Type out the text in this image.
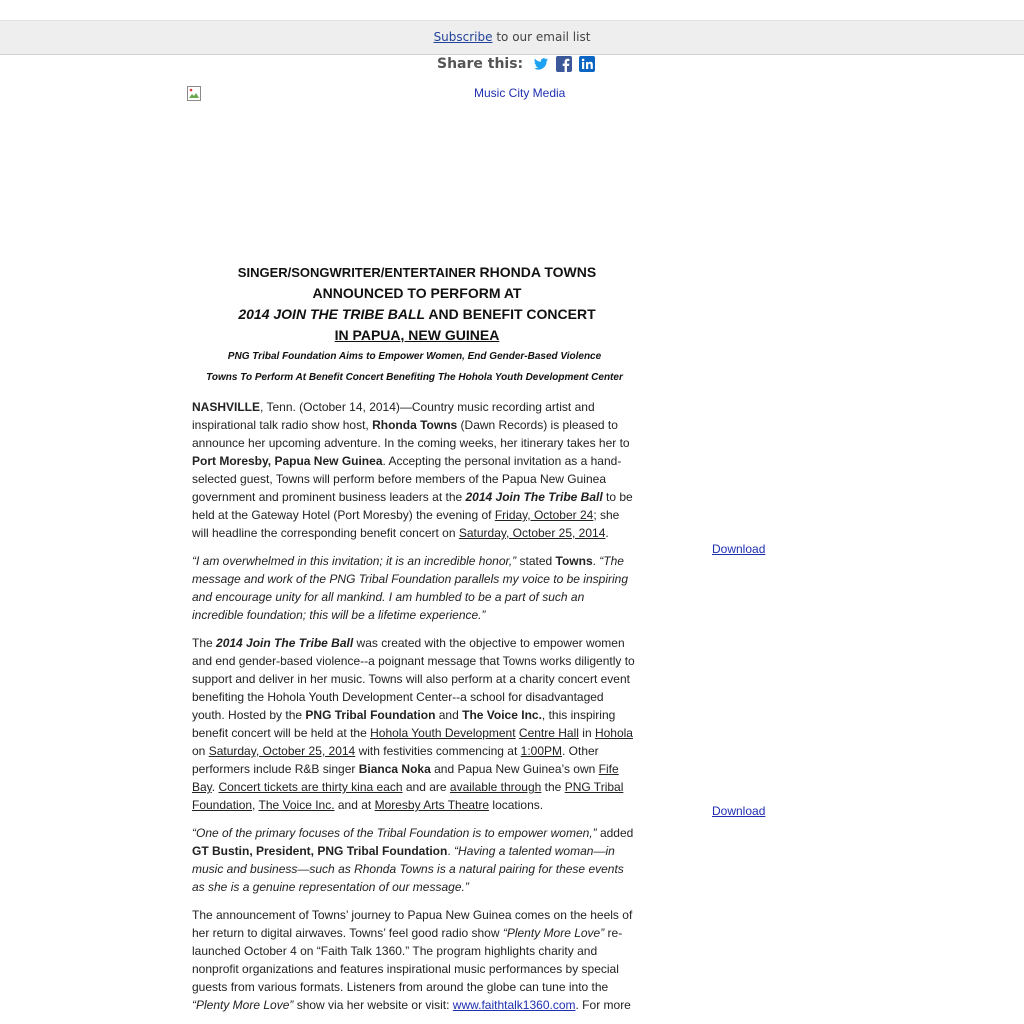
Subscribe to our email list
Share this:
Music City Media
SINGER/SONGWRITER/ENTERTAINER RHONDA TOWNS
ANNOUNCED TO PERFORM AT
2014 JOIN THE TRIBE BALL AND BENEFIT CONCERT
IN PAPUA, NEW GUINEA
PNG Tribal Foundation Aims to Empower Women, End Gender-Based Violence
Towns To Perform At Benefit Concert Benefiting The Hohola Youth Development Center

NASHVILLE, Tenn. (October 14, 2014)—Country music recording artist and inspirational talk radio show host, Rhonda Towns (Dawn Records) is pleased to announce her upcoming adventure. In the coming weeks, her itinerary takes her to Port Moresby, Papua New Guinea. Accepting the personal invitation as a hand-selected guest, Towns will perform before members of the Papua New Guinea government and prominent business leaders at the 2014 Join The Tribe Ball to be held at the Gateway Hotel (Port Moresby) the evening of Friday, October 24; she will headline the corresponding benefit concert on Saturday, October 25, 2014.

“I am overwhelmed in this invitation; it is an incredible honor,” stated Towns. “The message and work of the PNG Tribal Foundation parallels my voice to be inspiring and encourage unity for all mankind. I am humbled to be a part of such an incredible foundation; this will be a lifetime experience.”

The 2014 Join The Tribe Ball was created with the objective to empower women and end gender-based violence--a poignant message that Towns works diligently to support and deliver in her music. Towns will also perform at a charity concert event benefiting the Hohola Youth Development Center--a school for disadvantaged youth. Hosted by the PNG Tribal Foundation and The Voice Inc., this inspiring benefit concert will be held at the Hohola Youth Development Centre Hall in Hohola on Saturday, October 25, 2014 with festivities commencing at 1:00PM. Other performers include R&B singer Bianca Noka and Papua New Guinea’s own Fife Bay. Concert tickets are thirty kina each and are available through the PNG Tribal Foundation, The Voice Inc. and at Moresby Arts Theatre locations.

“One of the primary focuses of the Tribal Foundation is to empower women,” added GT Bustin, President, PNG Tribal Foundation. “Having a talented woman—in music and business—such as Rhonda Towns is a natural pairing for these events as she is a genuine representation of our message.”

The announcement of Towns’ journey to Papua New Guinea comes on the heels of her return to digital airwaves. Towns’ feel good radio show “Plenty More Love” re-launched October 4 on “Faith Talk 1360.” The program highlights charity and nonprofit organizations and features inspirational music performances by special guests from various formats. Listeners from around the globe can tune into the “Plenty More Love” show via her website or visit: www.faithtalk1360.com. For more

Download
Download
